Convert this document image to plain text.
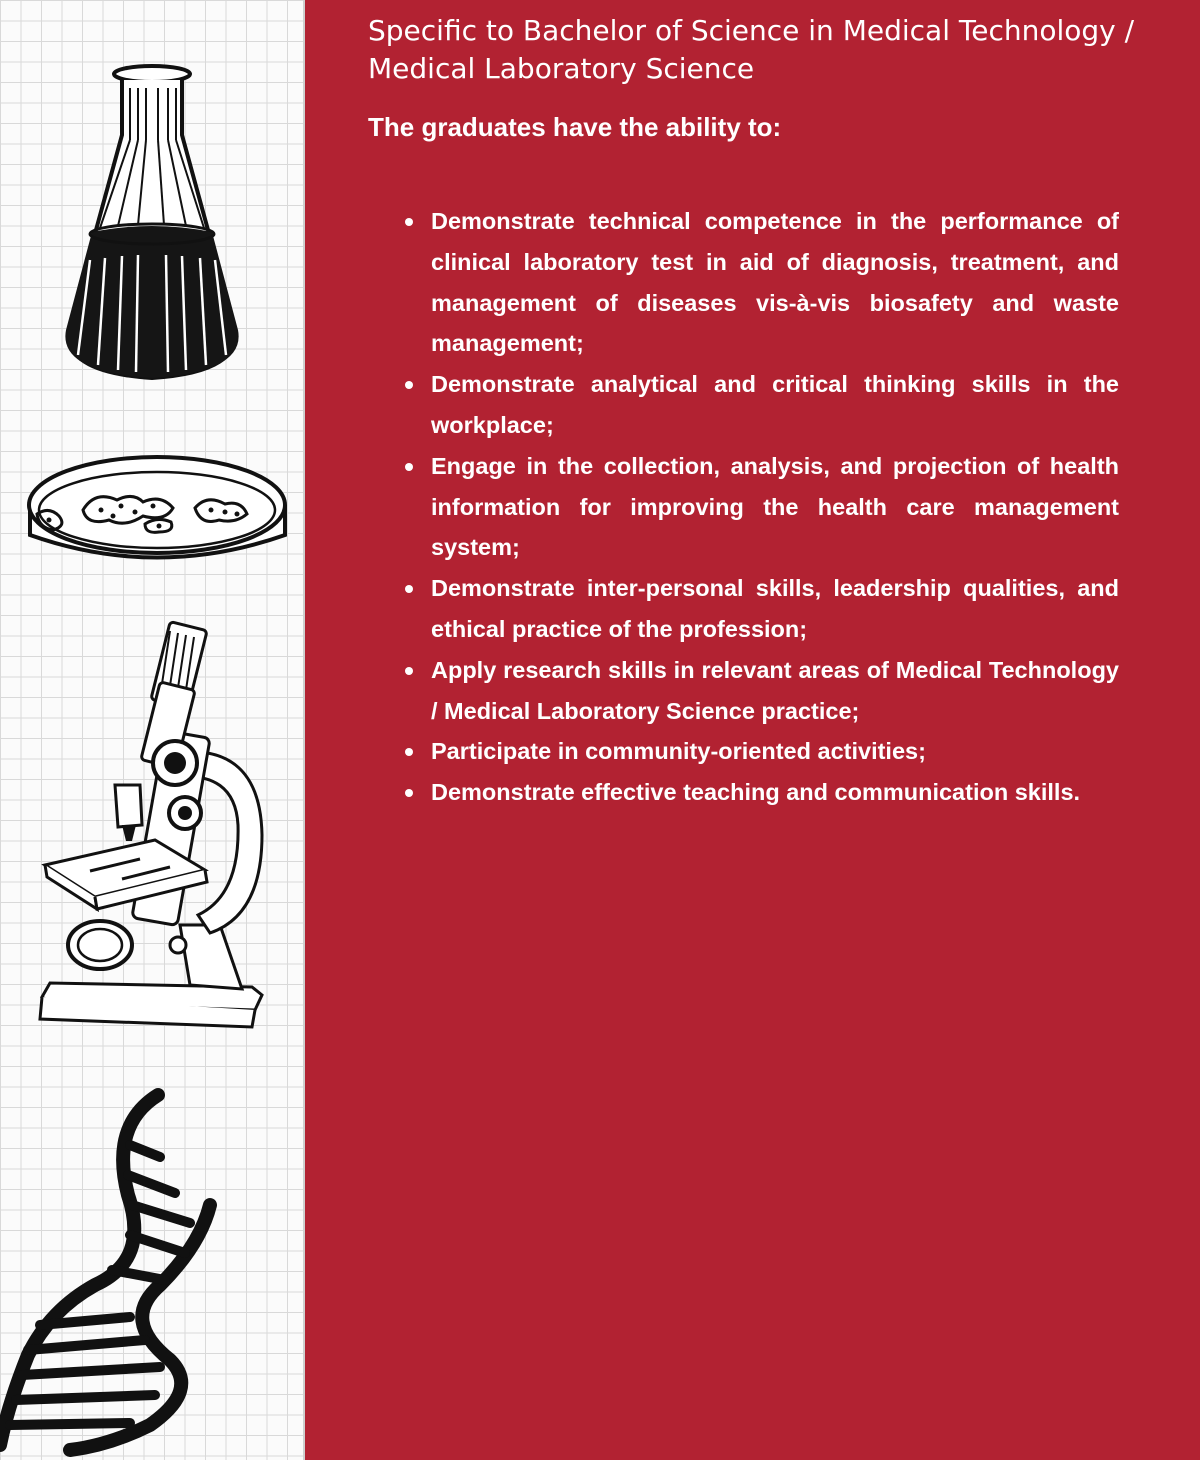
Specific to Bachelor of Science in Medical Technology / Medical Laboratory Science

The graduates have the ability to:

Demonstrate technical competence in the performance of clinical laboratory test in aid of diagnosis, treatment, and management of diseases vis-à-vis biosafety and waste management;
Demonstrate analytical and critical thinking skills in the workplace;
Engage in the collection, analysis, and projection of health information for improving the health care management system;
Demonstrate inter-personal skills, leadership qualities, and ethical practice of the profession;
Apply research skills in relevant areas of Medical Technology / Medical Laboratory Science practice;
Participate in community-oriented activities;
Demonstrate effective teaching and communication skills.
